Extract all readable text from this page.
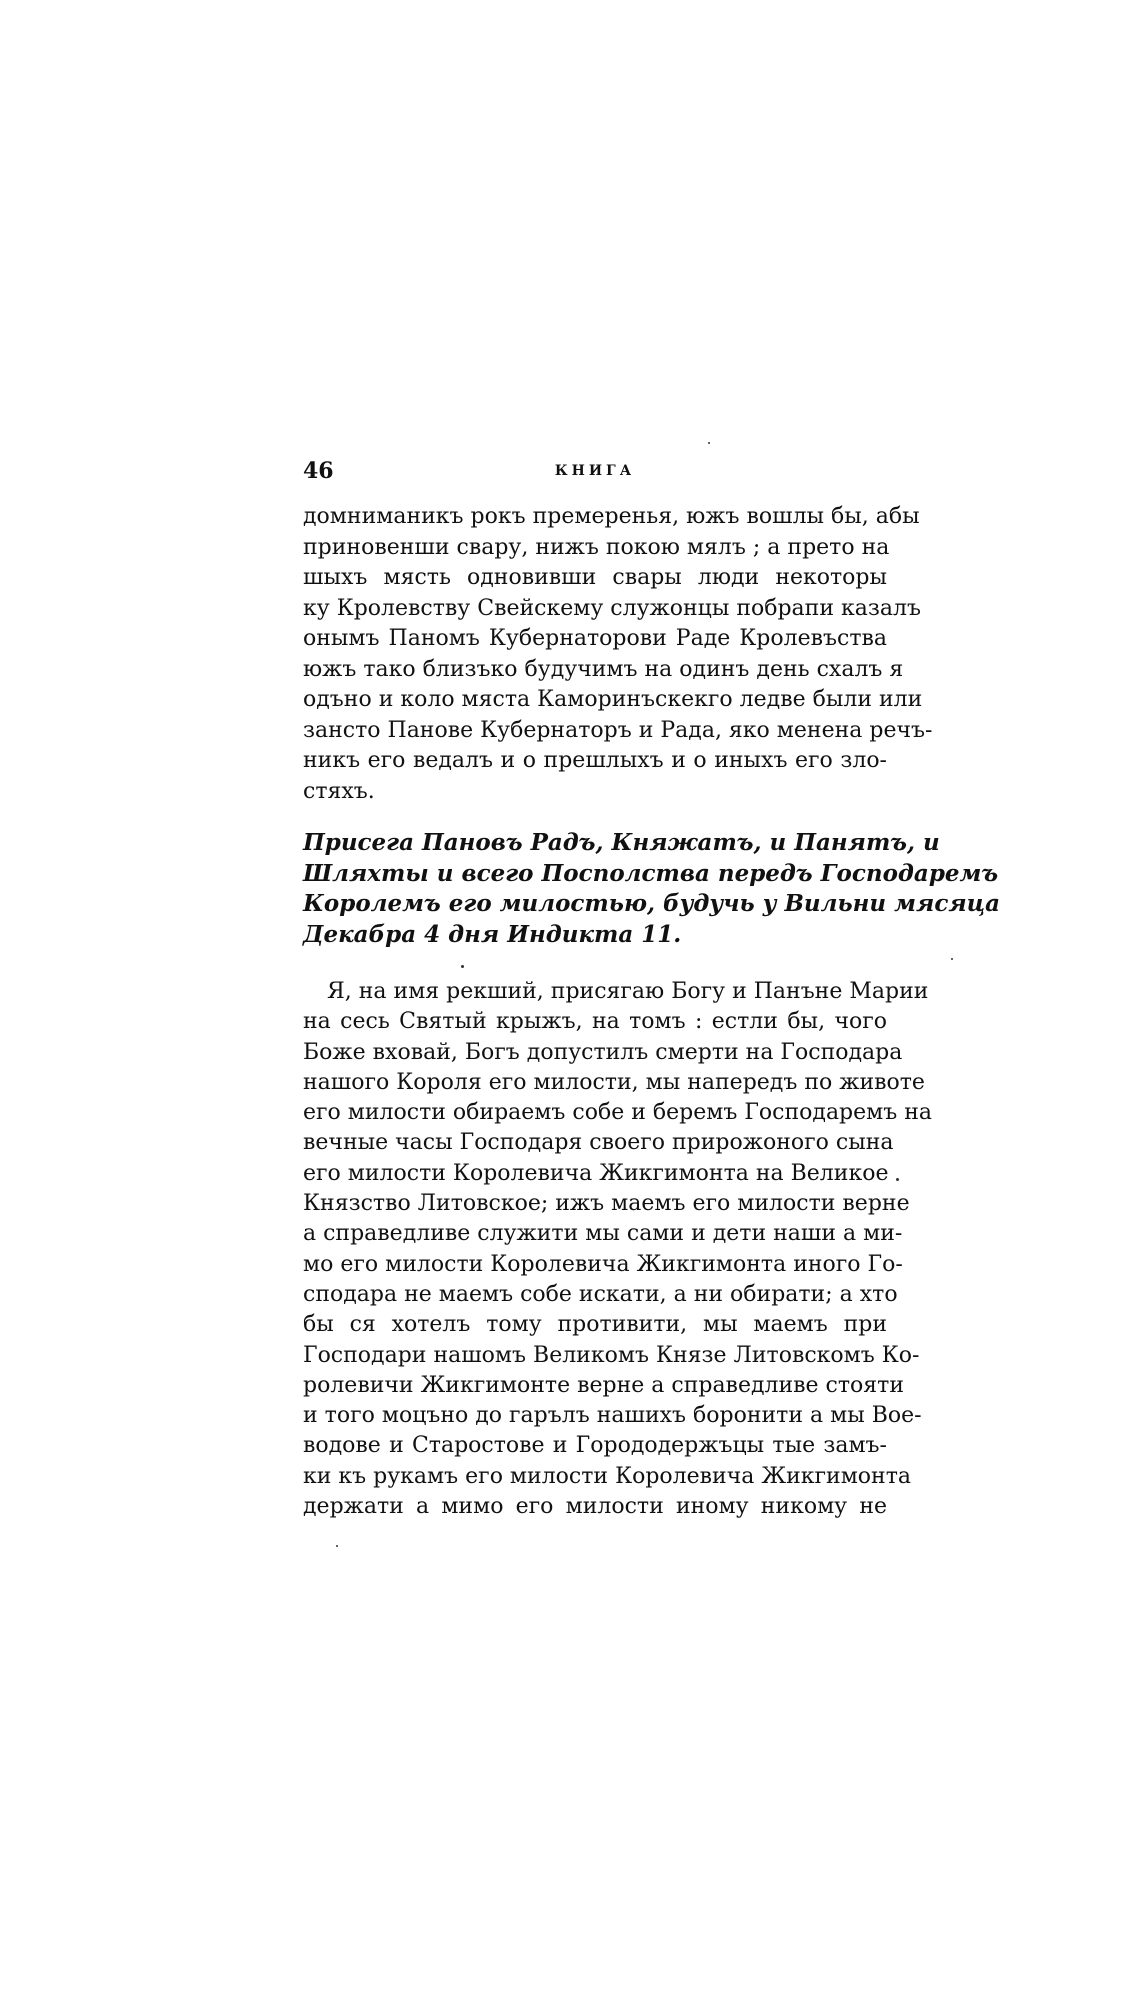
46	КНИГА
домниманикъ рокъ премеренья, южъ вошлы бы, абы
приновенши свару, нижъ покою мялъ ; а прето на
шыхъ мясть одновивши свары люди некоторы
ку Кролевству Свейскему служонцы побрапи казалъ
онымъ Паномъ Кубернаторови Раде Кролевъства
южъ тако близъко будучимъ на одинъ день схалъ я
одъно и коло мяста Каморинъскекго ледве были или
зансто Панове Кубернаторъ и Рада, яко менена речъ-
никъ его ведалъ и о прешлыхъ и о иныхъ его зло-
стяхъ.
Присега Пановъ Радъ, Княжатъ, и Панятъ, и
Шляхты и всего Посполства передъ Господаремъ
Королемъ его милостью, будучь у Вильни мясяца
Декабра 4 дня Индикта 11.
Я, на имя рекший, присягаю Богу и Панъне Марии
на сесь Святый крыжъ, на томъ : естли бы, чого
Боже вховай, Богъ допустилъ смерти на Господара
нашого Короля его милости, мы напередъ по животе
его милости обираемъ собе и беремъ Господаремъ на
вечные часы Господаря своего прирожоного сына
его милости Королевича Жикгимонта на Великое
Князство Литовское; ижъ маемъ его милости верне
а справедливе служити мы сами и дети наши а ми-
мо его милости Королевича Жикгимонта иного Го-
сподара не маемъ собе искати, а ни обирати; а хто
бы ся хотелъ тому противити, мы маемъ при
Господари нашомъ Великомъ Князе Литовскомъ Ко-
ролевичи Жикгимонте верне а справедливе стояти
и того моцъно до гарълъ нашихъ боронити а мы Вое-
водове и Старостове и Горододержъцы тые замъ-
ки къ рукамъ его милости Королевича Жикгимонта
держати а мимо его милости иному никому не
